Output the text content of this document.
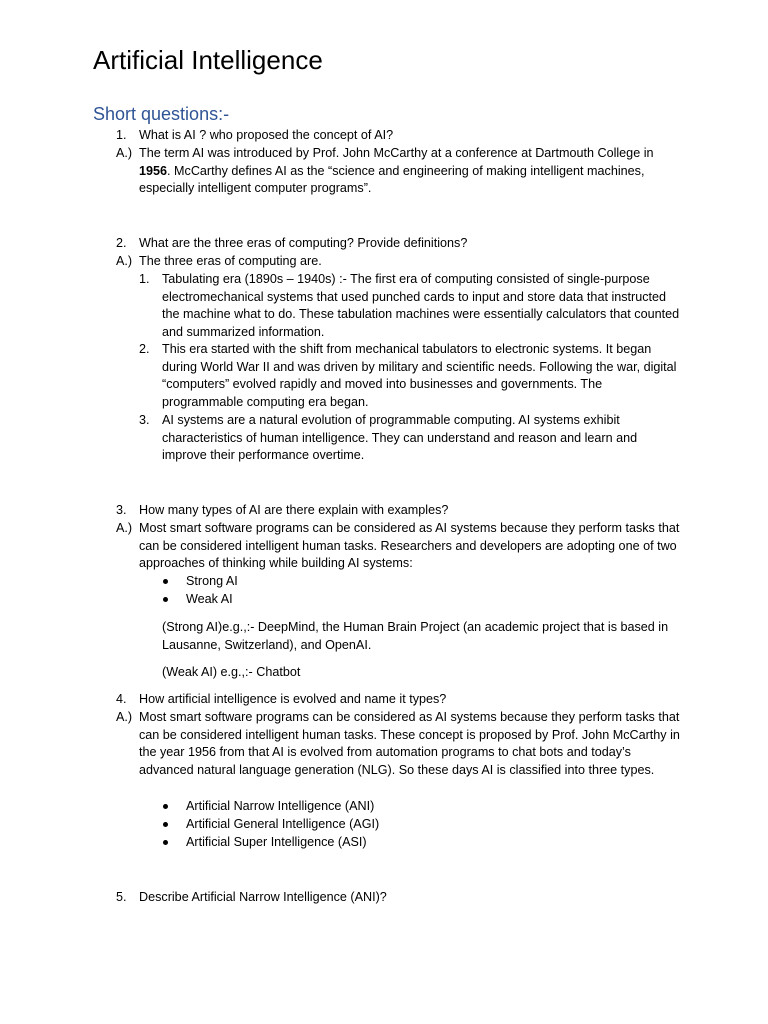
Artificial Intelligence
Short questions:-
1. What is AI ? who proposed the concept of AI?
A.) The term AI was introduced by Prof. John McCarthy at a conference at Dartmouth College in 1956. McCarthy defines AI as the “science and engineering of making intelligent machines, especially intelligent computer programs”.

2. What are the three eras of computing? Provide definitions?
A.) The three eras of computing are.
1. Tabulating era (1890s – 1940s) :- The first era of computing consisted of single-purpose electromechanical systems that used punched cards to input and store data that instructed the machine what to do. These tabulation machines were essentially calculators that counted and summarized information.

2. This era started with the shift from mechanical tabulators to electronic systems. It began during World War II and was driven by military and scientific needs. Following the war, digital “computers” evolved rapidly and moved into businesses and governments. The programmable computing era began.

3. AI systems are a natural evolution of programmable computing. AI systems exhibit characteristics of human intelligence. They can understand and reason and learn and improve their performance overtime.

3. How many types of AI are there explain with examples?
A.) Most smart software programs can be considered as AI systems because they perform tasks that can be considered intelligent human tasks. Researchers and developers are adopting one of two approaches of thinking while building AI systems:

Strong AI
Weak AI

(Strong AI)e.g.,:- DeepMind, the Human Brain Project (an academic project that is based in Lausanne, Switzerland), and OpenAI.

(Weak AI) e.g.,:- Chatbot

4. How artificial intelligence is evolved and name it types?
A.) Most smart software programs can be considered as AI systems because they perform tasks that can be considered intelligent human tasks. These concept is proposed by Prof. John McCarthy in the year 1956 from that AI is evolved from automation programs to chat bots and today’s advanced natural language generation (NLG). So these days AI is classified into three types.

Artificial Narrow Intelligence (ANI)
Artificial General Intelligence (AGI)
Artificial Super Intelligence (ASI)
5. Describe Artificial Narrow Intelligence (ANI)?
